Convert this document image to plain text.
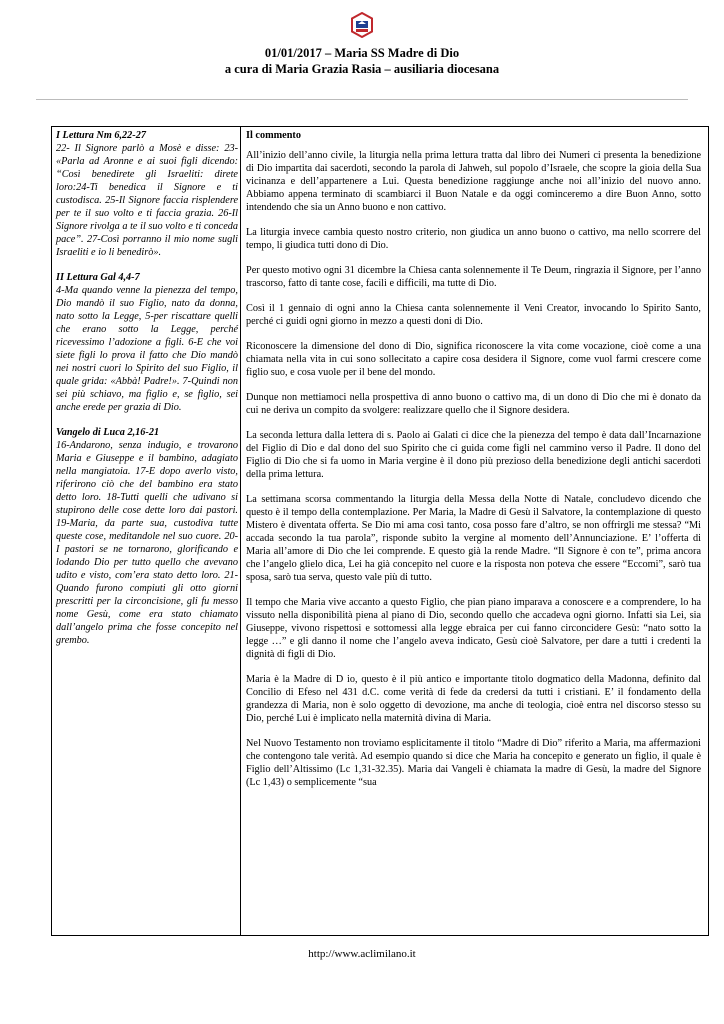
01/01/2017 – Maria SS Madre di Dio
a cura di Maria Grazia Rasia – ausiliaria diocesana

I Lettura Nm 6,22-27

22- Il Signore parlò a Mosè e disse: 23- «Parla ad Aronne e ai suoi figli dicendo: “Così benedirete gli Israeliti: direte loro:24-Ti benedica il Signore e ti custodisca. 25-Il Signore faccia risplendere per te il suo volto e ti faccia grazia. 26-Il Signore rivolga a te il suo volto e ti conceda pace”. 27-Così porranno il mio nome sugli Israeliti e io li benedirò».

II Lettura Gal 4,4-7

4-Ma quando venne la pienezza del tempo, Dio mandò il suo Figlio, nato da donna, nato sotto la Legge, 5-per riscattare quelli che erano sotto la Legge, perché ricevessimo l’adozione a figli. 6-E che voi siete figli lo prova il fatto che Dio mandò nei nostri cuori lo Spirito del suo Figlio, il quale grida: «Abbà! Padre!». 7-Quindi non sei più schiavo, ma figlio e, se figlio, sei anche erede per grazia di Dio.

Vangelo di Luca 2,16-21

16-Andarono, senza indugio, e trovarono Maria e Giuseppe e il bambino, adagiato nella mangiatoia. 17-E dopo averlo visto, riferirono ciò che del bambino era stato detto loro. 18-Tutti quelli che udivano si stupirono delle cose dette loro dai pastori. 19-Maria, da parte sua, custodiva tutte queste cose, meditandole nel suo cuore. 20-I pastori se ne tornarono, glorificando e lodando Dio per tutto quello che avevano udito e visto, com’era stato detto loro. 21-Quando furono compiuti gli otto giorni prescritti per la circoncisione, gli fu messo nome Gesù, come era stato chiamato dall’angelo prima che fosse concepito nel grembo.

Il commento

All’inizio dell’anno civile, la liturgia nella prima lettura tratta dal libro dei Numeri ci presenta la benedizione di Dio impartita dai sacerdoti, secondo la parola di Jahweh, sul popolo d’Israele, che scopre la gioia della Sua vicinanza e dell’appartenere a Lui. Questa benedizione raggiunge anche noi all’inizio del nuovo anno. Abbiamo appena terminato di scambiarci il Buon Natale e da oggi cominceremo a dire Buon Anno, sotto intendendo che sia un Anno buono e non cattivo.

La liturgia invece cambia questo nostro criterio, non giudica un anno buono o cattivo, ma nello scorrere del tempo, li giudica tutti dono di Dio.

Per questo motivo ogni 31 dicembre la Chiesa canta solennemente il Te Deum, ringrazia il Signore, per l’anno trascorso, fatto di tante cose, facili e difficili, ma tutte di Dio.

Così il 1 gennaio di ogni anno la Chiesa canta solennemente il Veni Creator, invocando lo Spirito Santo, perché ci guidi ogni giorno in mezzo a questi doni di Dio.

Riconoscere la dimensione del dono di Dio, significa riconoscere la vita come vocazione, cioè come a una chiamata nella vita in cui sono sollecitato a capire cosa desidera il Signore, come vuol farmi crescere come figlio suo, e cosa vuole per il bene del mondo.

Dunque non mettiamoci nella prospettiva di anno buono o cattivo ma, di un dono di Dio che mi è donato da cui ne deriva un compito da svolgere: realizzare quello che il Signore desidera.

La seconda lettura dalla lettera di s. Paolo ai Galati ci dice che la pienezza del tempo è data dall’Incarnazione del Figlio di Dio e dal dono del suo Spirito che ci guida come figli nel cammino verso il Padre. Il dono del Figlio di Dio che si fa uomo in Maria vergine è il dono più prezioso della benedizione degli antichi sacerdoti della prima lettura.

La settimana scorsa commentando la liturgia della Messa della Notte di Natale, concludevo dicendo che questo è il tempo della contemplazione. Per Maria, la Madre di Gesù il Salvatore, la contemplazione di questo Mistero è diventata offerta. Se Dio mi ama così tanto, cosa posso fare d’altro, se non offrirgli me stessa? “Mi accada secondo la tua parola”, risponde subito la vergine al momento dell’Annunciazione. E’ l’offerta di Maria all’amore di Dio che lei comprende. E questo già la rende Madre. “Il Signore è con te”, prima ancora che l’angelo glielo dica, Lei ha già concepito nel cuore e la risposta non poteva che essere “Eccomi”, sarò tua sposa, sarò tua serva, questo vale più di tutto.

Il tempo che Maria vive accanto a questo Figlio, che pian piano imparava a conoscere e a comprendere, lo ha vissuto nella disponibilità piena al piano di Dio, secondo quello che accadeva ogni giorno. Infatti sia Lei, sia Giuseppe, vivono rispettosi e sottomessi alla legge ebraica per cui fanno circoncidere Gesù: “nato sotto la legge …” e gli danno il nome che l’angelo aveva indicato, Gesù cioè Salvatore, per dare a tutti i credenti la dignità di figli di Dio.

Maria è la Madre di D io, questo è il più antico e importante titolo dogmatico della Madonna, definito dal Concilio di Efeso nel 431 d.C. come verità di fede da credersi da tutti i cristiani. E’ il fondamento della grandezza di Maria, non è solo oggetto di devozione, ma anche di teologia, cioè entra nel discorso stesso su Dio, perché Lui è implicato nella maternità divina di Maria.

Nel Nuovo Testamento non troviamo esplicitamente il titolo “Madre di Dio” riferito a Maria, ma affermazioni che contengono tale verità. Ad esempio quando si dice che Maria ha concepito e generato un figlio, il quale è Figlio dell’Altissimo (Lc 1,31-32.35). Maria dai Vangeli è chiamata la madre di Gesù, la madre del Signore (Lc 1,43) o semplicemente “sua

http://www.aclimilano.it
